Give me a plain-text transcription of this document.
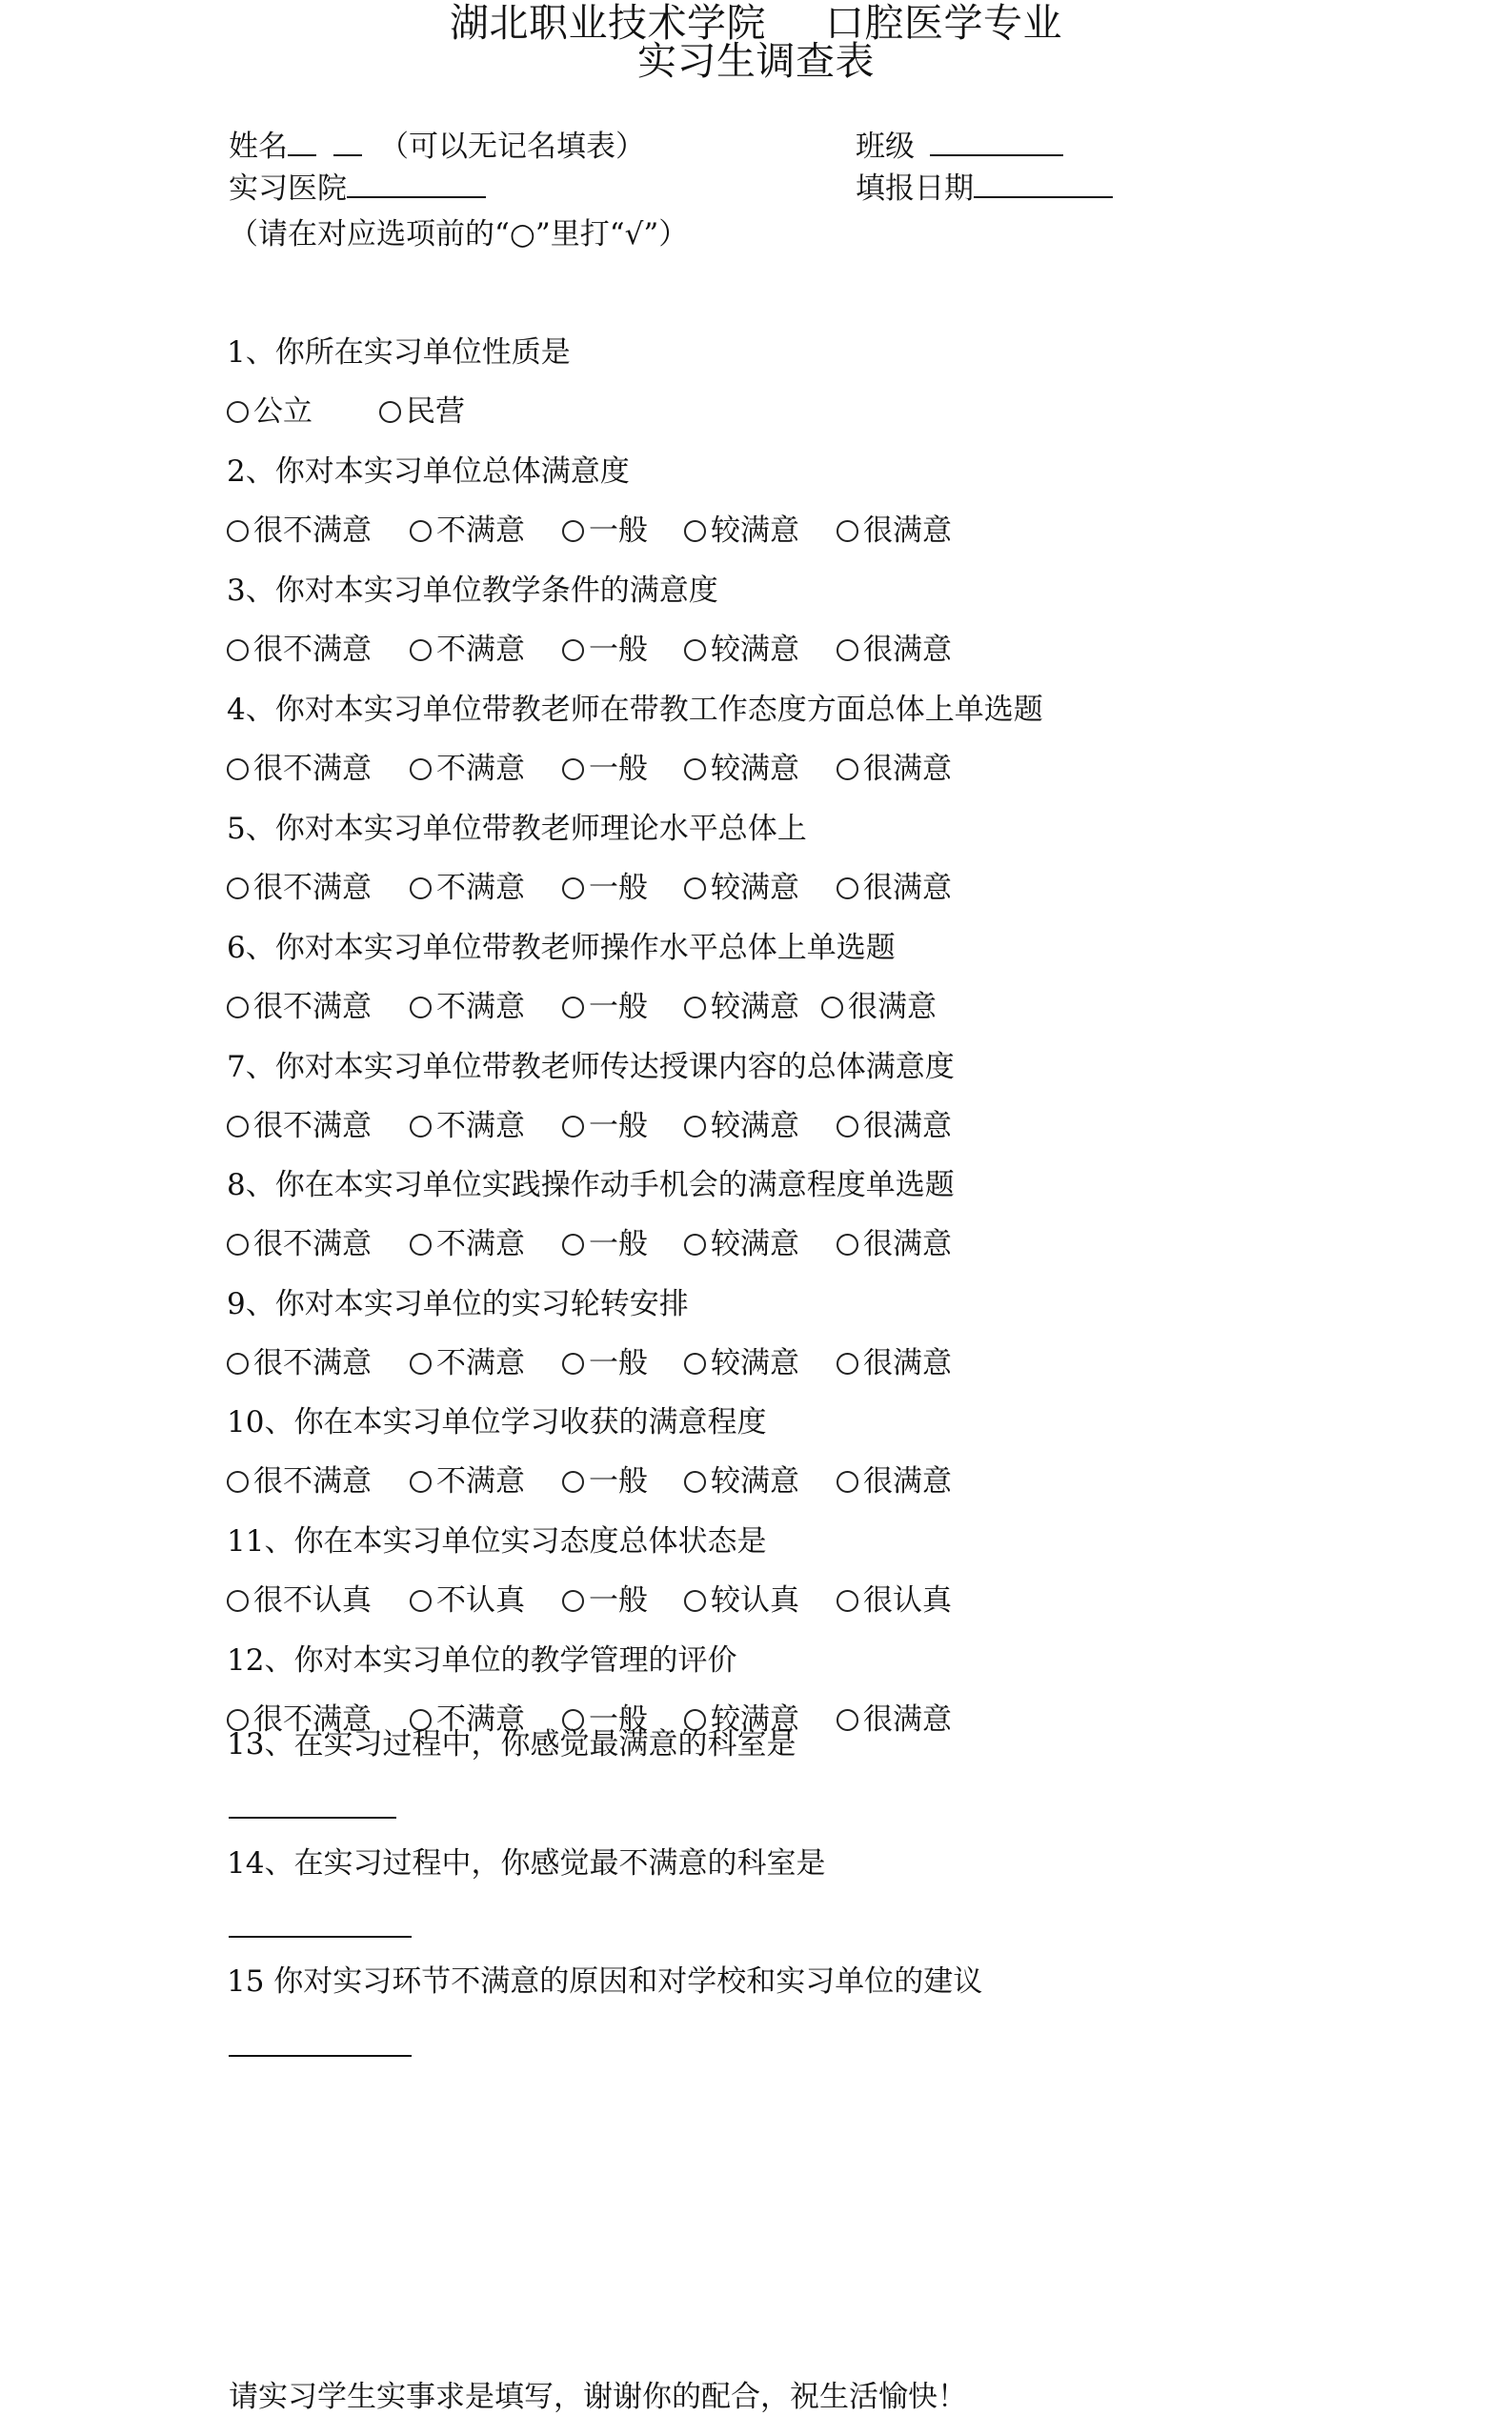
湖北职业技术学院 口腔医学专业
实习生调查表
姓名	（可以无记名填表）	班级
实习医院	填报日期
（请在对应选项前的“○”里打“√”）
1、你所在实习单位性质是
公立	民营
2、你对本实习单位总体满意度
很不满意 不满意 一般 较满意 很满意
3、你对本实习单位教学条件的满意度
很不满意 不满意 一般 较满意 很满意
4、你对本实习单位带教老师在带教工作态度方面总体上单选题
很不满意 不满意 一般 较满意 很满意
5、你对本实习单位带教老师理论水平总体上
很不满意 不满意 一般 较满意 很满意
6、你对本实习单位带教老师操作水平总体上单选题
很不满意 不满意 一般 较满意 很满意
7、你对本实习单位带教老师传达授课内容的总体满意度
很不满意 不满意 一般 较满意 很满意
8、你在本实习单位实践操作动手机会的满意程度单选题
很不满意 不满意 一般 较满意 很满意
9、你对本实习单位的实习轮转安排
很不满意 不满意 一般 较满意 很满意
10、你在本实习单位学习收获的满意程度
很不满意 不满意 一般 较满意 很满意
11、你在本实习单位实习态度总体状态是
很不认真 不认真 一般 较认真 很认真
12、你对本实习单位的教学管理的评价
很不满意 不满意 一般 较满意 很满意
13、在实习过程中，你感觉最满意的科室是
14、在实习过程中，你感觉最不满意的科室是
15 你对实习环节不满意的原因和对学校和实习单位的建议
请实习学生实事求是填写，谢谢你的配合，祝生活愉快！
